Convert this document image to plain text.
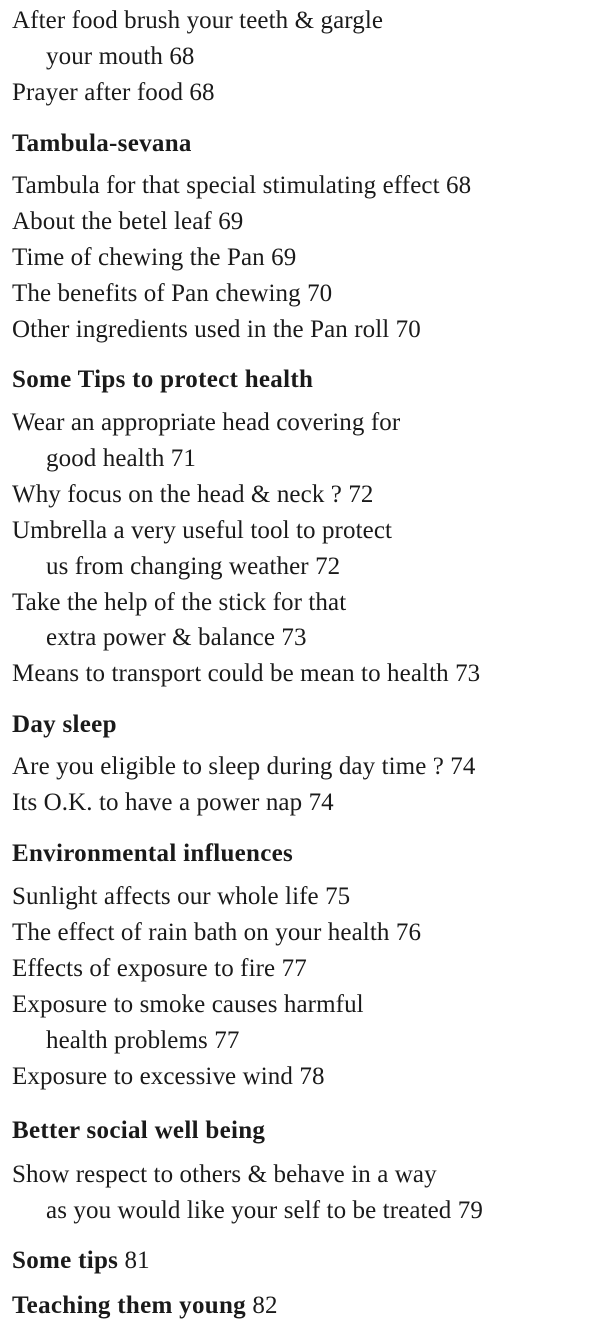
After food brush your teeth & gargle
your mouth 68
Prayer after food 68
Tambula-sevana
Tambula for that special stimulating effect 68
About the betel leaf 69
Time of chewing the Pan 69
The benefits of Pan chewing 70
Other ingredients used in the Pan roll 70
Some Tips to protect health
Wear an appropriate head covering for
good health 71
Why focus on the head & neck ? 72
Umbrella a very useful tool to protect
us from changing weather 72
Take the help of the stick for that
extra power & balance 73
Means to transport could be mean to health 73
Day sleep
Are you eligible to sleep during day time ? 74
Its O.K. to have a power nap 74
Environmental influences
Sunlight affects our whole life 75
The effect of rain bath on your health 76
Effects of exposure to fire 77
Exposure to smoke causes harmful
health problems 77
Exposure to excessive wind 78
Better social well being
Show respect to others & behave in a way
as you would like your self to be treated 79
Some tips 81
Teaching them young 82
